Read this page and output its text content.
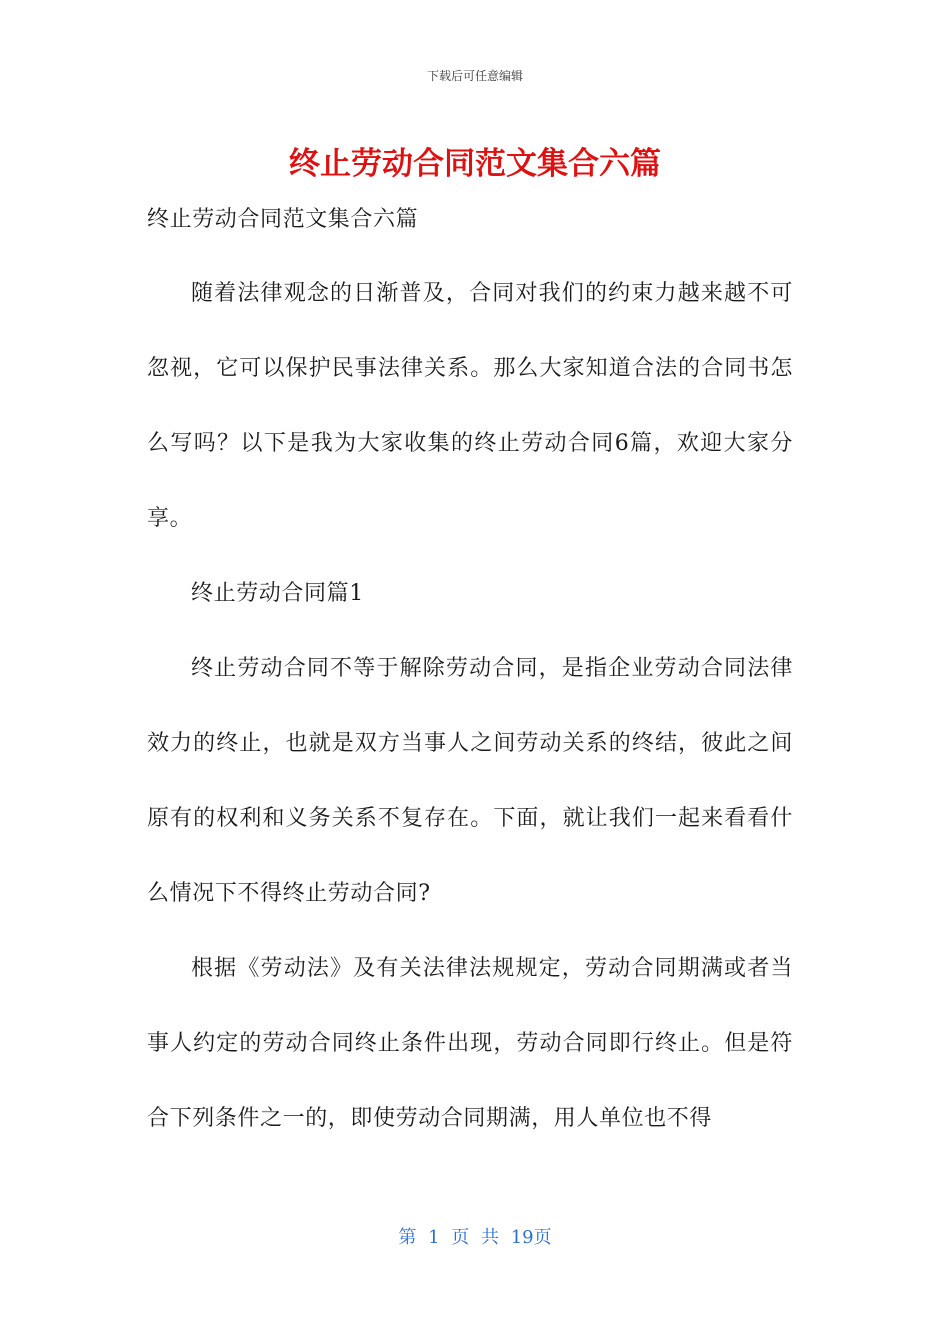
下载后可任意编辑
终止劳动合同范文集合六篇
终止劳动合同范文集合六篇

随着法律观念的日渐普及，合同对我们的约束力越来越不可忽视，它可以保护民事法律关系。那么大家知道合法的合同书怎么写吗？以下是我为大家收集的终止劳动合同6篇，欢迎大家分享。

终止劳动合同篇1

终止劳动合同不等于解除劳动合同，是指企业劳动合同法律效力的终止，也就是双方当事人之间劳动关系的终结，彼此之间原有的权利和义务关系不复存在。下面，就让我们一起来看看什么情况下不得终止劳动合同?

根据《劳动法》及有关法律法规规定，劳动合同期满或者当事人约定的劳动合同终止条件出现，劳动合同即行终止。但是符合下列条件之一的，即使劳动合同期满，用人单位也不得

第 1 页 共 19页
